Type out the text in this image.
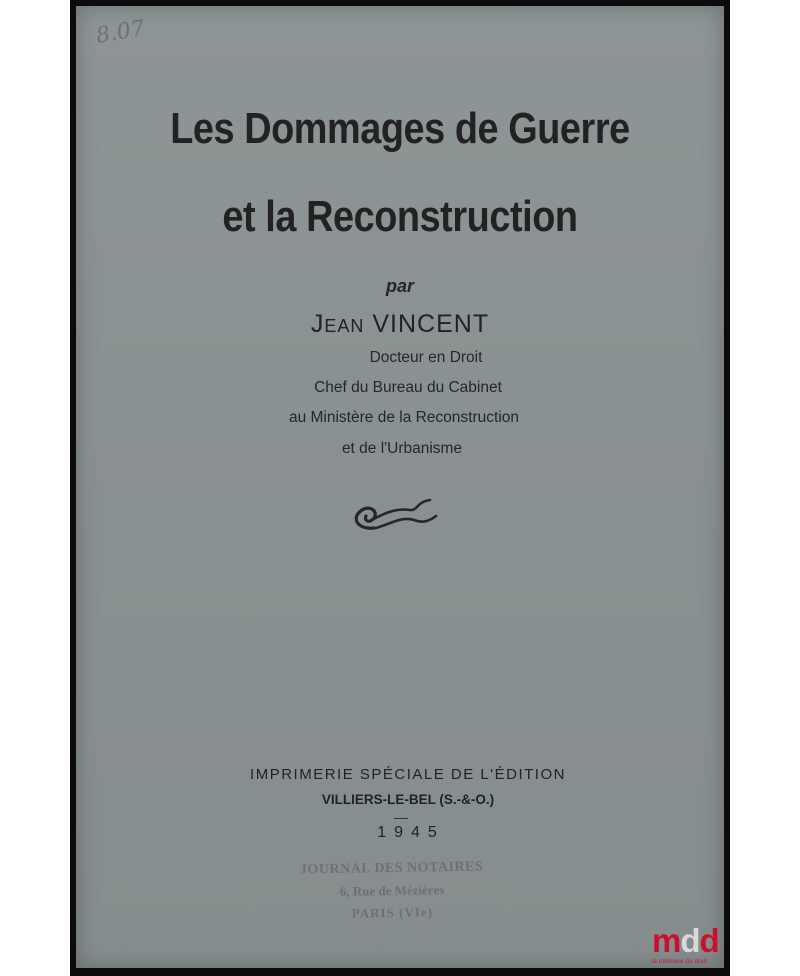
8.07
Les Dommages de Guerre
et la Reconstruction
par
Jean VINCENT
Docteur en Droit
Chef du Bureau du Cabinet
au Ministère de la Reconstruction
et de l'Urbanisme
IMPRIMERIE SPÉCIALE DE L'ÉDITION
VILLIERS-LE-BEL (S.-&-O.)
1945
JOURNAL DES NOTAIRES
6, Rue de Mézières
PARIS (VIe)
mdd
la mémoire du droit
